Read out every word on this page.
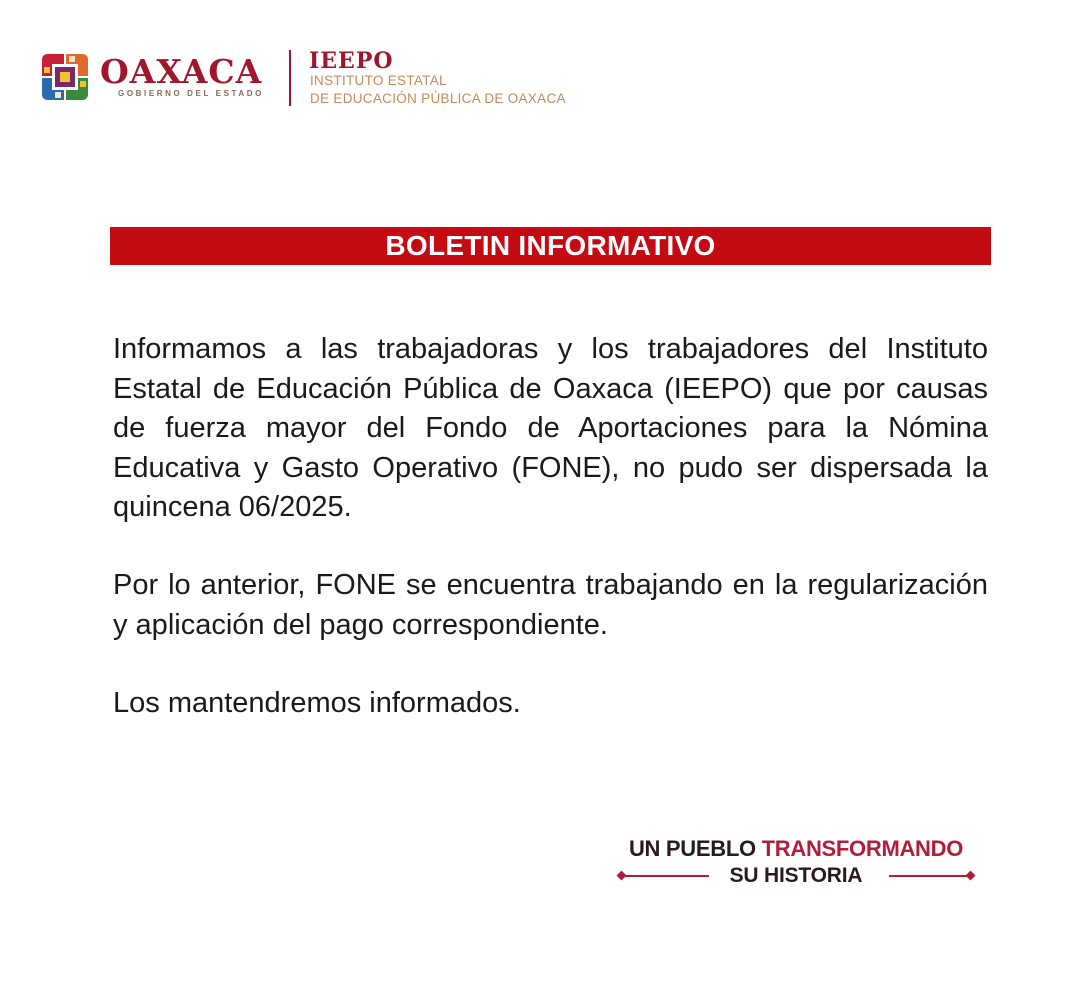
OAXACA
GOBIERNO DEL ESTADO
IEEPO
INSTITUTO ESTATAL
DE EDUCACIÓN PÚBLICA DE OAXACA
BOLETIN INFORMATIVO

Informamos a las trabajadoras y los trabajadores del Instituto Estatal de Educación Pública de Oaxaca (IEEPO) que por causas de fuerza mayor del Fondo de Aportaciones para la Nómina Educativa y Gasto Operativo (FONE), no pudo ser dispersada la quincena 06/2025.

Por lo anterior, FONE se encuentra trabajando en la regularización y aplicación del pago correspondiente.

Los mantendremos informados.

UN PUEBLO TRANSFORMANDO
SU HISTORIA
